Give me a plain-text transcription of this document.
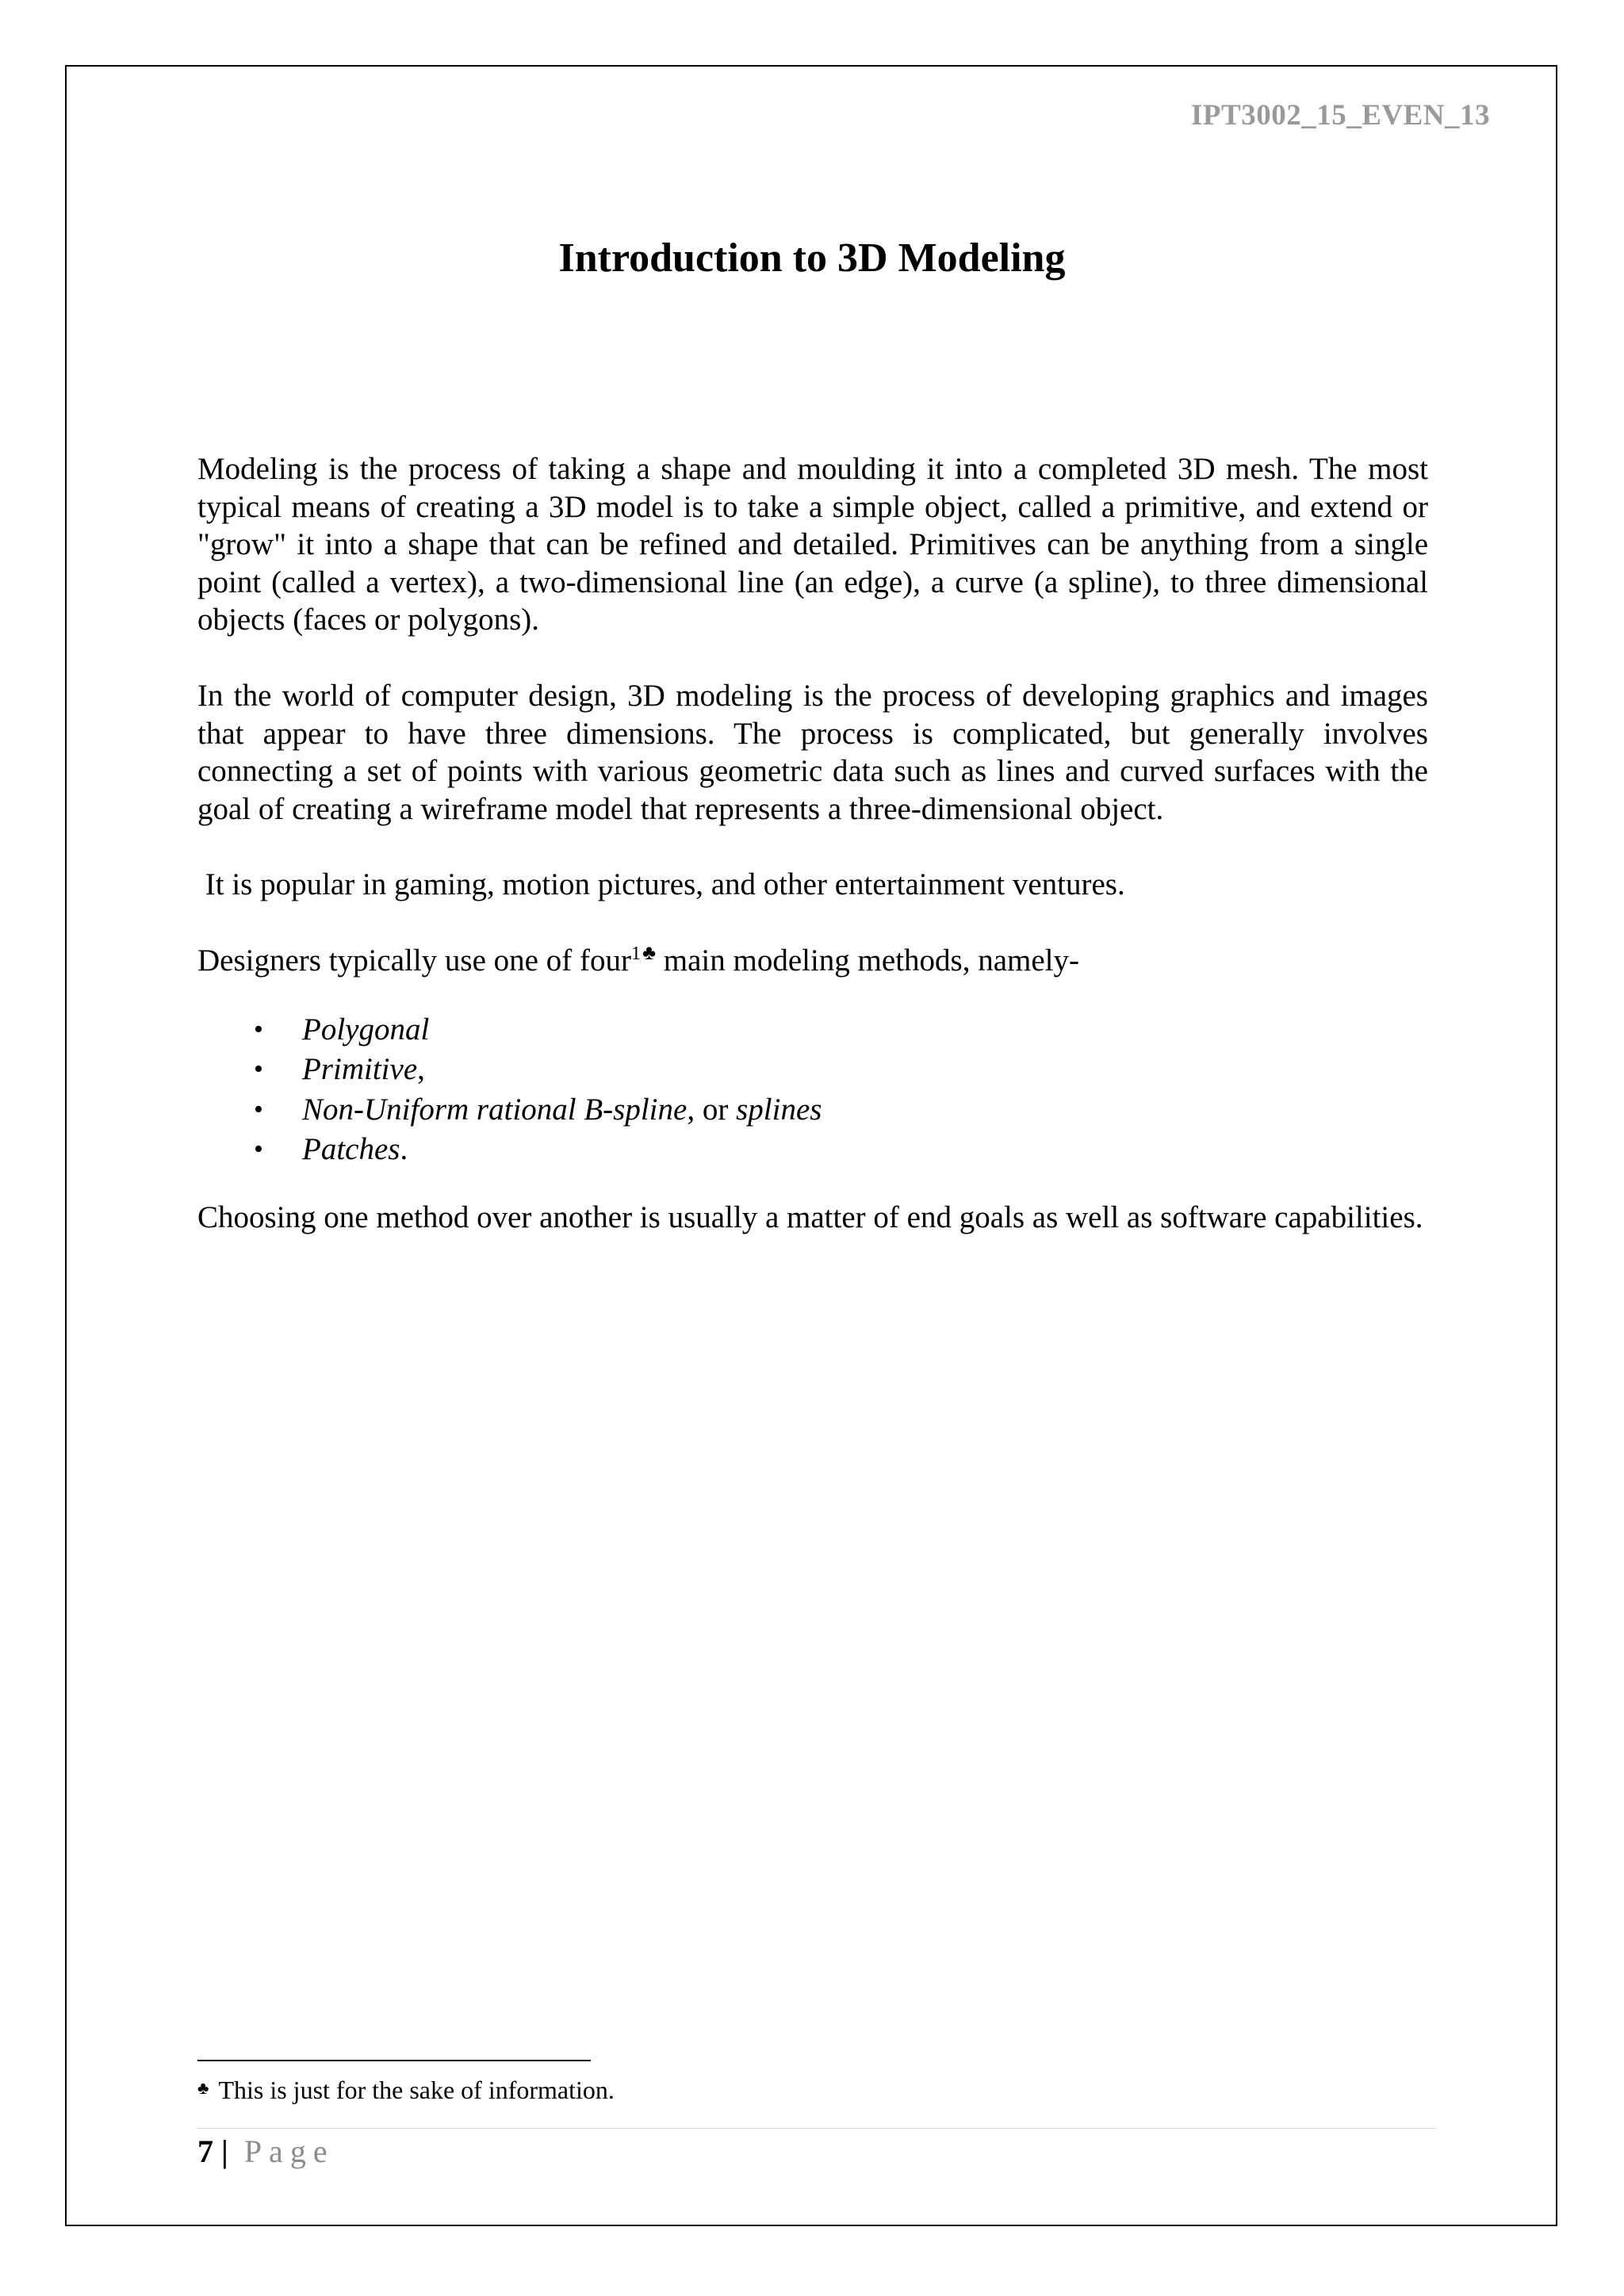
IPT3002_15_EVEN_13
Introduction to 3D Modeling

Modeling is the process of taking a shape and moulding it into a completed 3D mesh. The most typical means of creating a 3D model is to take a simple object, called a primitive, and extend or "grow" it into a shape that can be refined and detailed. Primitives can be anything from a single point (called a vertex), a two-dimensional line (an edge), a curve (a spline), to three dimensional objects (faces or polygons).

In the world of computer design, 3D modeling is the process of developing graphics and images that appear to have three dimensions. The process is complicated, but generally involves connecting a set of points with various geometric data such as lines and curved surfaces with the goal of creating a wireframe model that represents a three-dimensional object.

It is popular in gaming, motion pictures, and other entertainment ventures.

Designers typically use one of four$^{1♣}$ main modeling methods, namely-

• Polygonal
• Primitive,
• Non-Uniform rational B-spline, or splines
• Patches.

Choosing one method over another is usually a matter of end goals as well as software capabilities.

♣ This is just for the sake of information.
7 | Page
